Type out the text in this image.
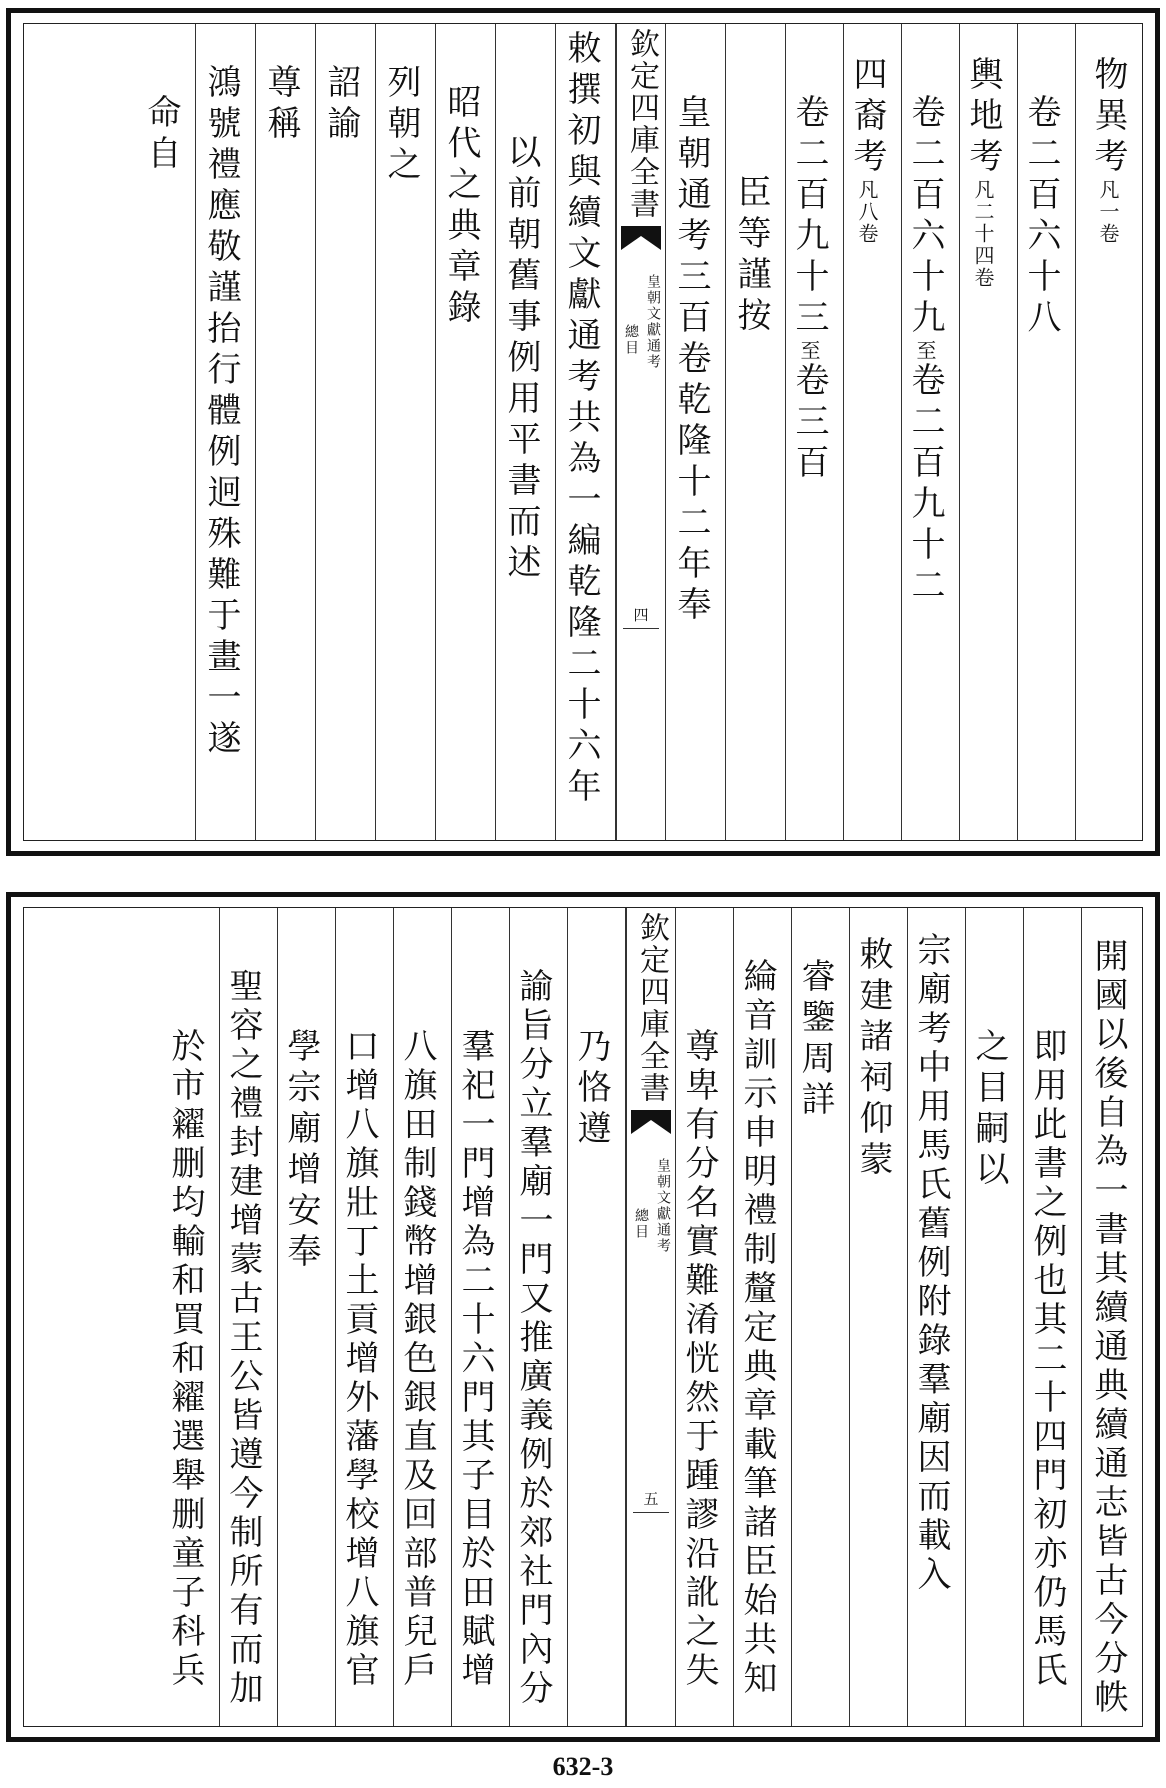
物異考凡一卷
卷二百六十八
輿地考凡二十四卷
卷二百六十九至卷二百九十二
四裔考凡八卷
卷二百九十三至卷三百
臣等謹按
皇朝通考三百卷乾隆十二年奉
欽定四庫全書
皇朝文獻通考
總目
四
敕撰初與續文獻通考共為一編乾隆二十六年
以前朝舊事例用平書而述
昭代之典章錄
列朝之
詔諭
尊稱
鴻號禮應敬謹抬行體例迥殊難于畫一遂
命自
開國以後自為一書其續通典續通志皆古今分帙
即用此書之例也其二十四門初亦仍馬氏
之目嗣以
宗廟考中用馬氏舊例附錄羣廟因而載入
敕建諸祠仰蒙
睿鑒周詳
綸音訓示申明禮制釐定典章載筆諸臣始共知
尊卑有分名實難淆恍然于踵謬沿訛之失
欽定四庫全書
皇朝文獻通考
總目
五
乃恪遵
諭旨分立羣廟一門又推廣義例於郊社門內分
羣祀一門增為二十六門其子目於田賦增
八旗田制錢幣增銀色銀直及回部普兒戶
口增八旗壯丁土貢增外藩學校增八旗官
學宗廟增安奉
聖容之禮封建增蒙古王公皆遵今制所有而加
於市糴删均輸和買和糴選舉删童子科兵
632-3
